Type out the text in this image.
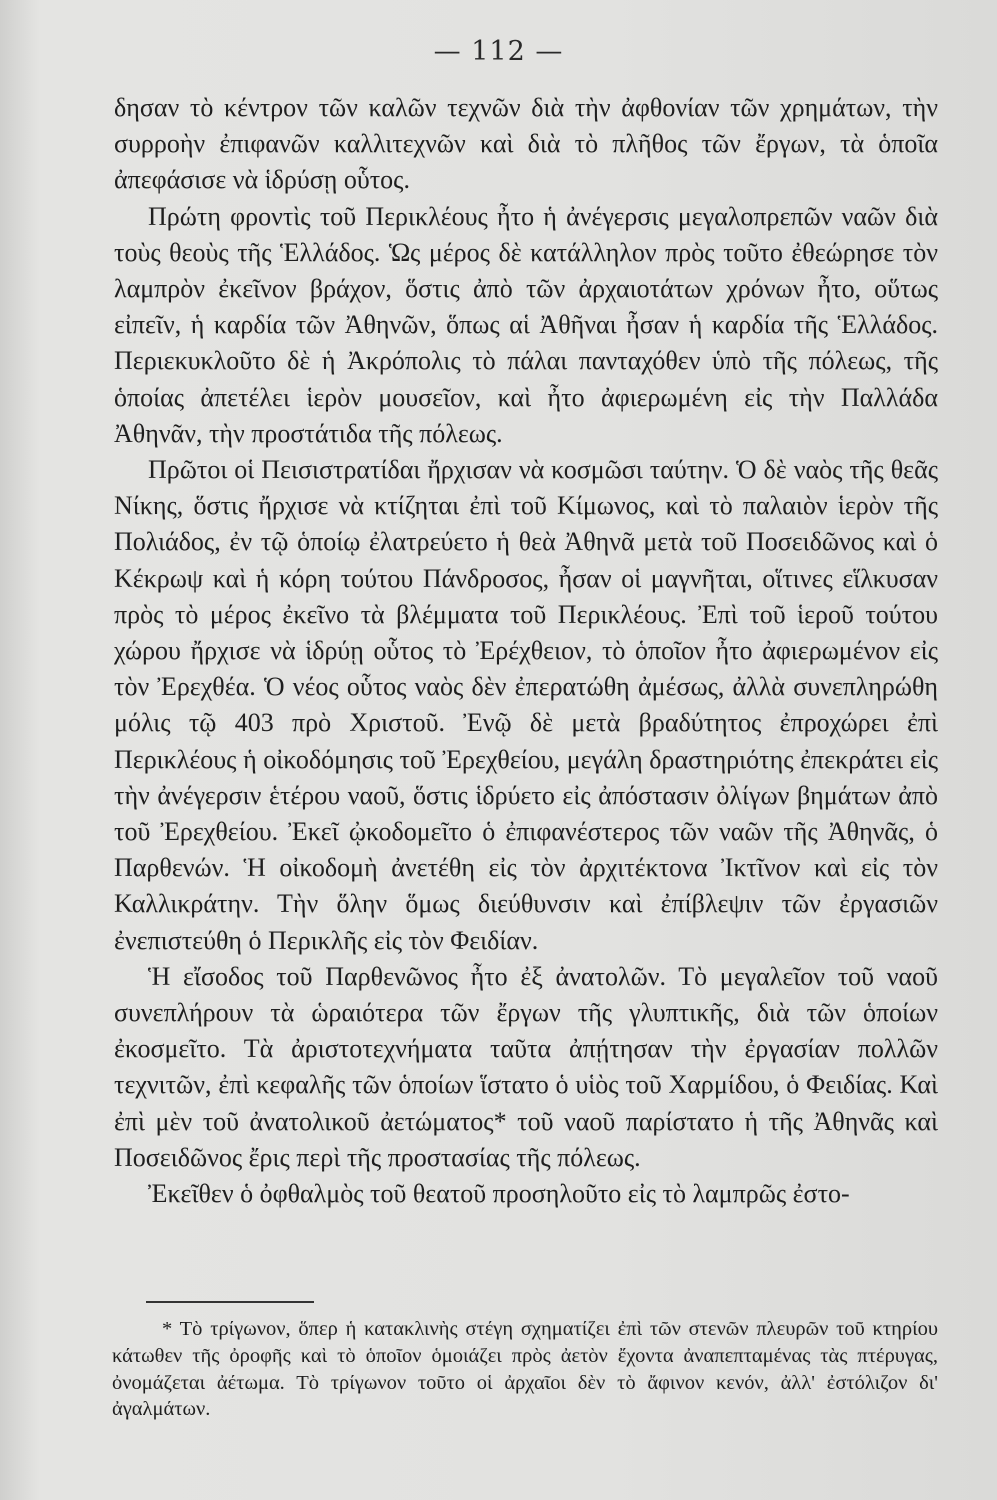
— 112 —

δησαν τὸ κέντρον τῶν καλῶν τεχνῶν διὰ τὴν ἀφθονίαν τῶν χρημάτων, τὴν συρροὴν ἐπιφανῶν καλλιτεχνῶν καὶ διὰ τὸ πλῆθος τῶν ἔργων, τὰ ὁποῖα ἀπεφάσισε νὰ ἱδρύσῃ οὗτος.

Πρώτη φροντὶς τοῦ Περικλέους ἦτο ἡ ἀνέγερσις μεγαλοπρεπῶν ναῶν διὰ τοὺς θεοὺς τῆς Ἑλλάδος. Ὡς μέρος δὲ κατάλληλον πρὸς τοῦτο ἐθεώρησε τὸν λαμπρὸν ἐκεῖνον βράχον, ὅστις ἀπὸ τῶν ἀρχαιοτάτων χρόνων ἦτο, οὕτως εἰπεῖν, ἡ καρδία τῶν Ἀθηνῶν, ὅπως αἱ Ἀθῆναι ἦσαν ἡ καρδία τῆς Ἑλλάδος. Περιεκυκλοῦτο δὲ ἡ Ἀκρόπολις τὸ πάλαι πανταχόθεν ὑπὸ τῆς πόλεως, τῆς ὁποίας ἀπετέλει ἱερὸν μουσεῖον, καὶ ἦτο ἀφιερωμένη εἰς τὴν Παλλάδα Ἀθηνᾶν, τὴν προστάτιδα τῆς πόλεως.

Πρῶτοι οἱ Πεισιστρατίδαι ἤρχισαν νὰ κοσμῶσι ταύτην. Ὁ δὲ ναὸς τῆς θεᾶς Νίκης, ὅστις ἤρχισε νὰ κτίζηται ἐπὶ τοῦ Κίμωνος, καὶ τὸ παλαιὸν ἱερὸν τῆς Πολιάδος, ἐν τῷ ὁποίῳ ἐλατρεύετο ἡ θεὰ Ἀθηνᾶ μετὰ τοῦ Ποσειδῶνος καὶ ὁ Κέκρωψ καὶ ἡ κόρη τούτου Πάνδροσος, ἦσαν οἱ μαγνῆται, οἵτινες εἵλκυσαν πρὸς τὸ μέρος ἐκεῖνο τὰ βλέμματα τοῦ Περικλέους. Ἐπὶ τοῦ ἱεροῦ τούτου χώρου ἤρχισε νὰ ἱδρύῃ οὗτος τὸ Ἐρέχθειον, τὸ ὁποῖον ἦτο ἀφιερωμένον εἰς τὸν Ἐρεχθέα. Ὁ νέος οὗτος ναὸς δὲν ἐπερατώθη ἀμέσως, ἀλλὰ συνεπληρώθη μόλις τῷ 403 πρὸ Χριστοῦ. Ἐνῷ δὲ μετὰ βραδύτητος ἐπροχώρει ἐπὶ Περικλέους ἡ οἰκοδόμησις τοῦ Ἐρεχθείου, μεγάλη δραστηριότης ἐπεκράτει εἰς τὴν ἀνέγερσιν ἑτέρου ναοῦ, ὅστις ἱδρύετο εἰς ἀπόστασιν ὀλίγων βημάτων ἀπὸ τοῦ Ἐρεχθείου. Ἐκεῖ ᾠκοδομεῖτο ὁ ἐπιφανέστερος τῶν ναῶν τῆς Ἀθηνᾶς, ὁ Παρθενών. Ἡ οἰκοδομὴ ἀνετέθη εἰς τὸν ἀρχιτέκτονα Ἰκτῖνον καὶ εἰς τὸν Καλλικράτην. Τὴν ὅλην ὅμως διεύθυνσιν καὶ ἐπίβλεψιν τῶν ἐργασιῶν ἐνεπιστεύθη ὁ Περικλῆς εἰς τὸν Φειδίαν.

Ἡ εἴσοδος τοῦ Παρθενῶνος ἦτο ἐξ ἀνατολῶν. Τὸ μεγαλεῖον τοῦ ναοῦ συνεπλήρουν τὰ ὡραιότερα τῶν ἔργων τῆς γλυπτικῆς, διὰ τῶν ὁποίων ἐκοσμεῖτο. Τὰ ἀριστοτεχνήματα ταῦτα ἀπῄτησαν τὴν ἐργασίαν πολλῶν τεχνιτῶν, ἐπὶ κεφαλῆς τῶν ὁποίων ἵστατο ὁ υἱὸς τοῦ Χαρμίδου, ὁ Φειδίας. Καὶ ἐπὶ μὲν τοῦ ἀνατολικοῦ ἀετώματος* τοῦ ναοῦ παρίστατο ἡ τῆς Ἀθηνᾶς καὶ Ποσειδῶνος ἔρις περὶ τῆς προστασίας τῆς πόλεως.

Ἐκεῖθεν ὁ ὀφθαλμὸς τοῦ θεατοῦ προσηλοῦτο εἰς τὸ λαμπρῶς ἐστο-

* Τὸ τρίγωνον, ὅπερ ἡ κατακλινὴς στέγη σχηματίζει ἐπὶ τῶν στενῶν πλευρῶν τοῦ κτηρίου κάτωθεν τῆς ὀροφῆς καὶ τὸ ὁποῖον ὁμοιάζει πρὸς ἀετὸν ἔχοντα ἀναπεπταμένας τὰς πτέρυγας, ὀνομάζεται ἀέτωμα. Τὸ τρίγωνον τοῦτο οἱ ἀρχαῖοι δὲν τὸ ἄφινον κενόν, ἀλλ' ἐστόλιζον δι' ἀγαλμάτων.
